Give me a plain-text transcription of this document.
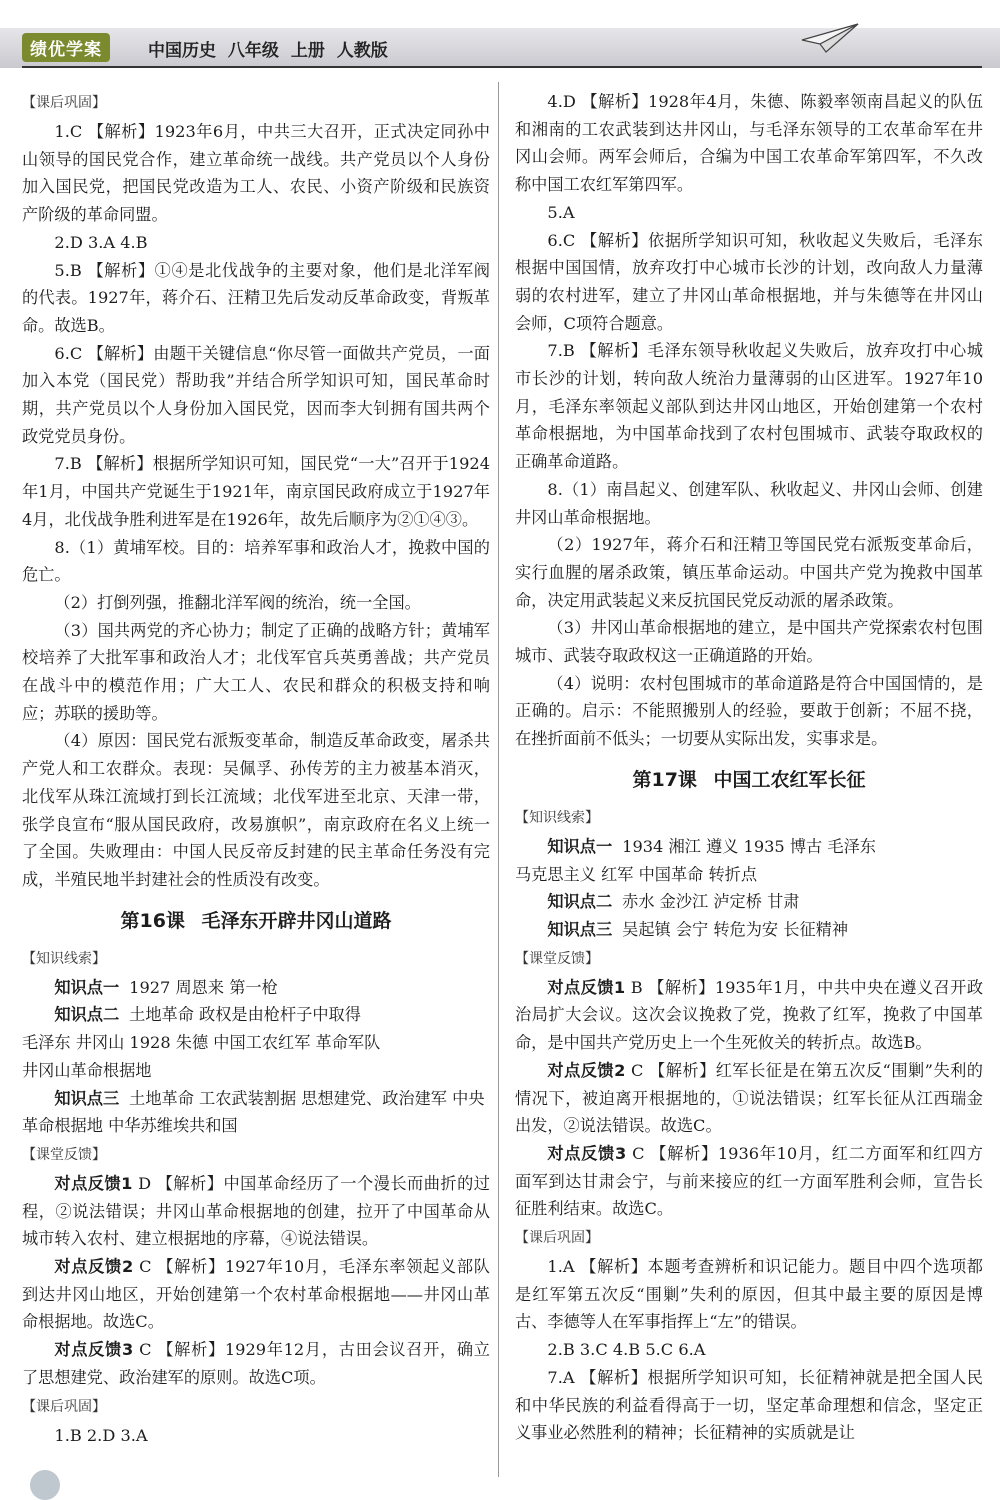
绩优学案	中国历史 八年级 上册 人教版
【课后巩固】

1.C 【解析】1923年6月，中共三大召开，正式决定同孙中山领导的国民党合作，建立革命统一战线。共产党员以个人身份加入国民党，把国民党改造为工人、农民、小资产阶级和民族资产阶级的革命同盟。

2.D 3.A 4.B

5.B 【解析】①④是北伐战争的主要对象，他们是北洋军阀的代表。1927年，蒋介石、汪精卫先后发动反革命政变，背叛革命。故选B。

6.C 【解析】由题干关键信息“你尽管一面做共产党员，一面加入本党（国民党）帮助我”并结合所学知识可知，国民革命时期，共产党员以个人身份加入国民党，因而李大钊拥有国共两个政党党员身份。

7.B 【解析】根据所学知识可知，国民党“一大”召开于1924年1月，中国共产党诞生于1921年，南京国民政府成立于1927年4月，北伐战争胜利进军是在1926年，故先后顺序为②①④③。

8.（1）黄埔军校。目的：培养军事和政治人才，挽救中国的危亡。

（2）打倒列强，推翻北洋军阀的统治，统一全国。

（3）国共两党的齐心协力；制定了正确的战略方针；黄埔军校培养了大批军事和政治人才；北伐军官兵英勇善战；共产党员在战斗中的模范作用；广大工人、农民和群众的积极支持和响应；苏联的援助等。

（4）原因：国民党右派叛变革命，制造反革命政变，屠杀共产党人和工农群众。表现：吴佩孚、孙传芳的主力被基本消灭，北伐军从珠江流域打到长江流域；北伐军进至北京、天津一带，张学良宣布“服从国民政府，改易旗帜”，南京政府在名义上统一了全国。失败理由：中国人民反帝反封建的民主革命任务没有完成，半殖民地半封建社会的性质没有改变。

第16课 毛泽东开辟井冈山道路
【知识线索】

知识点一 1927 周恩来 第一枪

知识点二 土地革命 政权是由枪杆子中取得

毛泽东 井冈山 1928 朱德 中国工农红军 革命军队

井冈山革命根据地

知识点三 土地革命 工农武装割据 思想建党、政治建军 中央革命根据地 中华苏维埃共和国

【课堂反馈】

对点反馈1 D 【解析】中国革命经历了一个漫长而曲折的过程，②说法错误；井冈山革命根据地的创建，拉开了中国革命从城市转入农村、建立根据地的序幕，④说法错误。

对点反馈2 C 【解析】1927年10月，毛泽东率领起义部队到达井冈山地区，开始创建第一个农村革命根据地——井冈山革命根据地。故选C。

对点反馈3 C 【解析】1929年12月，古田会议召开，确立了思想建党、政治建军的原则。故选C项。

【课后巩固】

1.B 2.D 3.A

4.D 【解析】1928年4月，朱德、陈毅率领南昌起义的队伍和湘南的工农武装到达井冈山，与毛泽东领导的工农革命军在井冈山会师。两军会师后，合编为中国工农革命军第四军，不久改称中国工农红军第四军。

5.A

6.C 【解析】依据所学知识可知，秋收起义失败后，毛泽东根据中国国情，放弃攻打中心城市长沙的计划，改向敌人力量薄弱的农村进军，建立了井冈山革命根据地，并与朱德等在井冈山会师，C项符合题意。

7.B 【解析】毛泽东领导秋收起义失败后，放弃攻打中心城市长沙的计划，转向敌人统治力量薄弱的山区进军。1927年10月，毛泽东率领起义部队到达井冈山地区，开始创建第一个农村革命根据地，为中国革命找到了农村包围城市、武装夺取政权的正确革命道路。

8.（1）南昌起义、创建军队、秋收起义、井冈山会师、创建井冈山革命根据地。

（2）1927年，蒋介石和汪精卫等国民党右派叛变革命后，实行血腥的屠杀政策，镇压革命运动。中国共产党为挽救中国革命，决定用武装起义来反抗国民党反动派的屠杀政策。

（3）井冈山革命根据地的建立，是中国共产党探索农村包围城市、武装夺取政权这一正确道路的开始。

（4）说明：农村包围城市的革命道路是符合中国国情的，是正确的。启示：不能照搬别人的经验，要敢于创新；不屈不挠，在挫折面前不低头；一切要从实际出发，实事求是。

第17课 中国工农红军长征
【知识线索】

知识点一 1934 湘江 遵义 1935 博古 毛泽东

马克思主义 红军 中国革命 转折点

知识点二 赤水 金沙江 泸定桥 甘肃

知识点三 吴起镇 会宁 转危为安 长征精神

【课堂反馈】

对点反馈1 B 【解析】1935年1月，中共中央在遵义召开政治局扩大会议。这次会议挽救了党，挽救了红军，挽救了中国革命，是中国共产党历史上一个生死攸关的转折点。故选B。

对点反馈2 C 【解析】红军长征是在第五次反“围剿”失利的情况下，被迫离开根据地的，①说法错误；红军长征从江西瑞金出发，②说法错误。故选C。

对点反馈3 C 【解析】1936年10月，红二方面军和红四方面军到达甘肃会宁，与前来接应的红一方面军胜利会师，宣告长征胜利结束。故选C。

【课后巩固】

1.A 【解析】本题考查辨析和识记能力。题目中四个选项都是红军第五次反“围剿”失利的原因，但其中最主要的原因是博古、李德等人在军事指挥上“左”的错误。

2.B 3.C 4.B 5.C 6.A

7.A 【解析】根据所学知识可知，长征精神就是把全国人民和中华民族的利益看得高于一切，坚定革命理想和信念，坚定正义事业必然胜利的精神；长征精神的实质就是让
